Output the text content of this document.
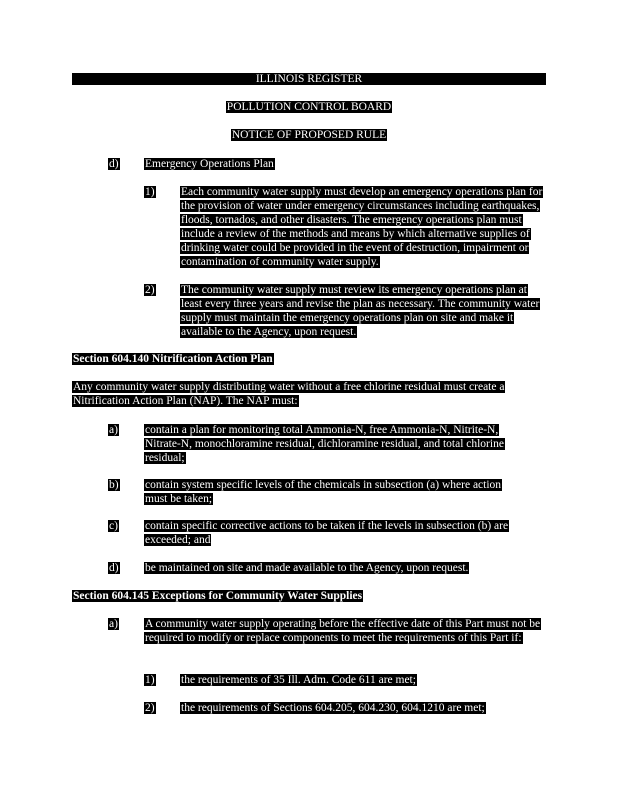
ILLINOIS REGISTER
POLLUTION CONTROL BOARD
NOTICE OF PROPOSED RULE
d) Emergency Operations Plan
1) Each community water supply must develop an emergency operations plan for the provision of water under emergency circumstances including earthquakes, floods, tornados, and other disasters. The emergency operations plan must include a review of the methods and means by which alternative supplies of drinking water could be provided in the event of destruction, impairment or contamination of community water supply.
2) The community water supply must review its emergency operations plan at least every three years and revise the plan as necessary. The community water supply must maintain the emergency operations plan on site and make it available to the Agency, upon request.
Section 604.140 Nitrification Action Plan
Any community water supply distributing water without a free chlorine residual must create a Nitrification Action Plan (NAP). The NAP must:
a) contain a plan for monitoring total Ammonia-N, free Ammonia-N, Nitrite-N, Nitrate-N, monochloramine residual, dichloramine residual, and total chlorine residual;
b) contain system specific levels of the chemicals in subsection (a) where action must be taken;
c) contain specific corrective actions to be taken if the levels in subsection (b) are exceeded; and
d) be maintained on site and made available to the Agency, upon request.
Section 604.145 Exceptions for Community Water Supplies
a) A community water supply operating before the effective date of this Part must not be required to modify or replace components to meet the requirements of this Part if:
1) the requirements of 35 Ill. Adm. Code 611 are met;
2) the requirements of Sections 604.205, 604.230, 604.1210 are met;
